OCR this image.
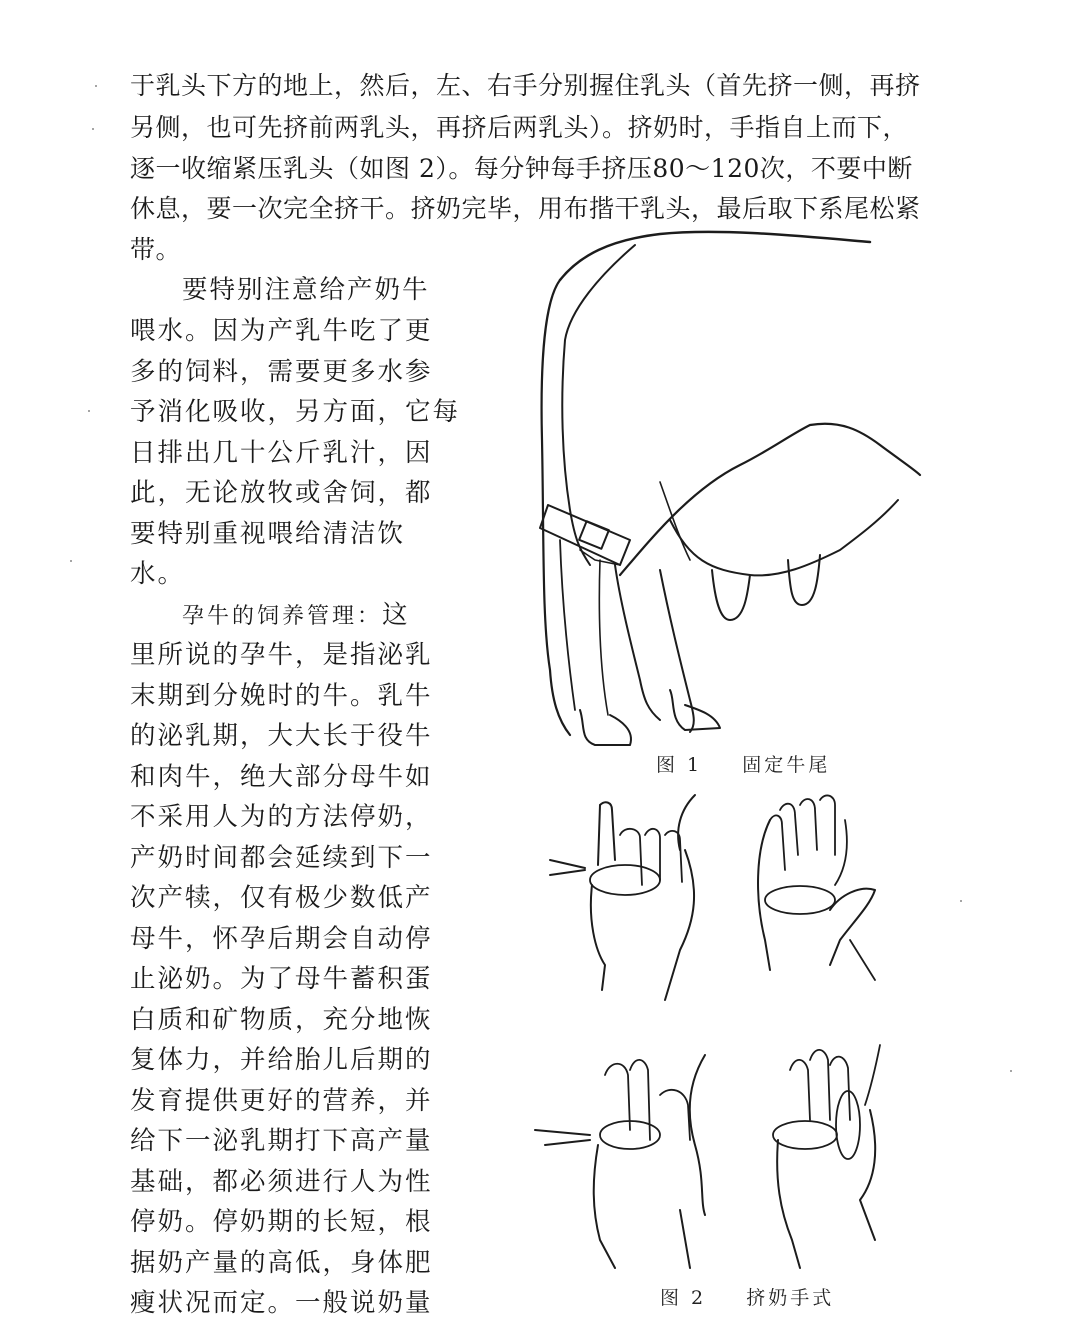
于乳头下方的地上，然后，左、右手分别握住乳头（首先挤一侧，再挤
另侧，也可先挤前两乳头，再挤后两乳头）。挤奶时，手指自上而下，
逐一收缩紧压乳头（如图 2）。每分钟每手挤压80～120次，不要中断
休息，要一次完全挤干。挤奶完毕，用布揩干乳头，最后取下系尾松紧
带。
要特别注意给产奶牛
喂水。因为产乳牛吃了更
多的饲料，需要更多水参
予消化吸收，另方面，它每
日排出几十公斤乳汁，因
此，无论放牧或舍饲，都
要特别重视喂给清洁饮
水。
孕牛的饲养管理：这
里所说的孕牛，是指泌乳
末期到分娩时的牛。乳牛
的泌乳期，大大长于役牛
和肉牛，绝大部分母牛如
不采用人为的方法停奶，
产奶时间都会延续到下一
次产犊，仅有极少数低产
母牛，怀孕后期会自动停
止泌奶。为了母牛蓄积蛋
白质和矿物质，充分地恢
复体力，并给胎儿后期的
发育提供更好的营养，并
给下一泌乳期打下高产量
基础，都必须进行人为性
停奶。停奶期的长短，根
据奶产量的高低，身体肥
瘦状况而定。一般说奶量
图 1 固定牛尾
图 2 挤奶手式
